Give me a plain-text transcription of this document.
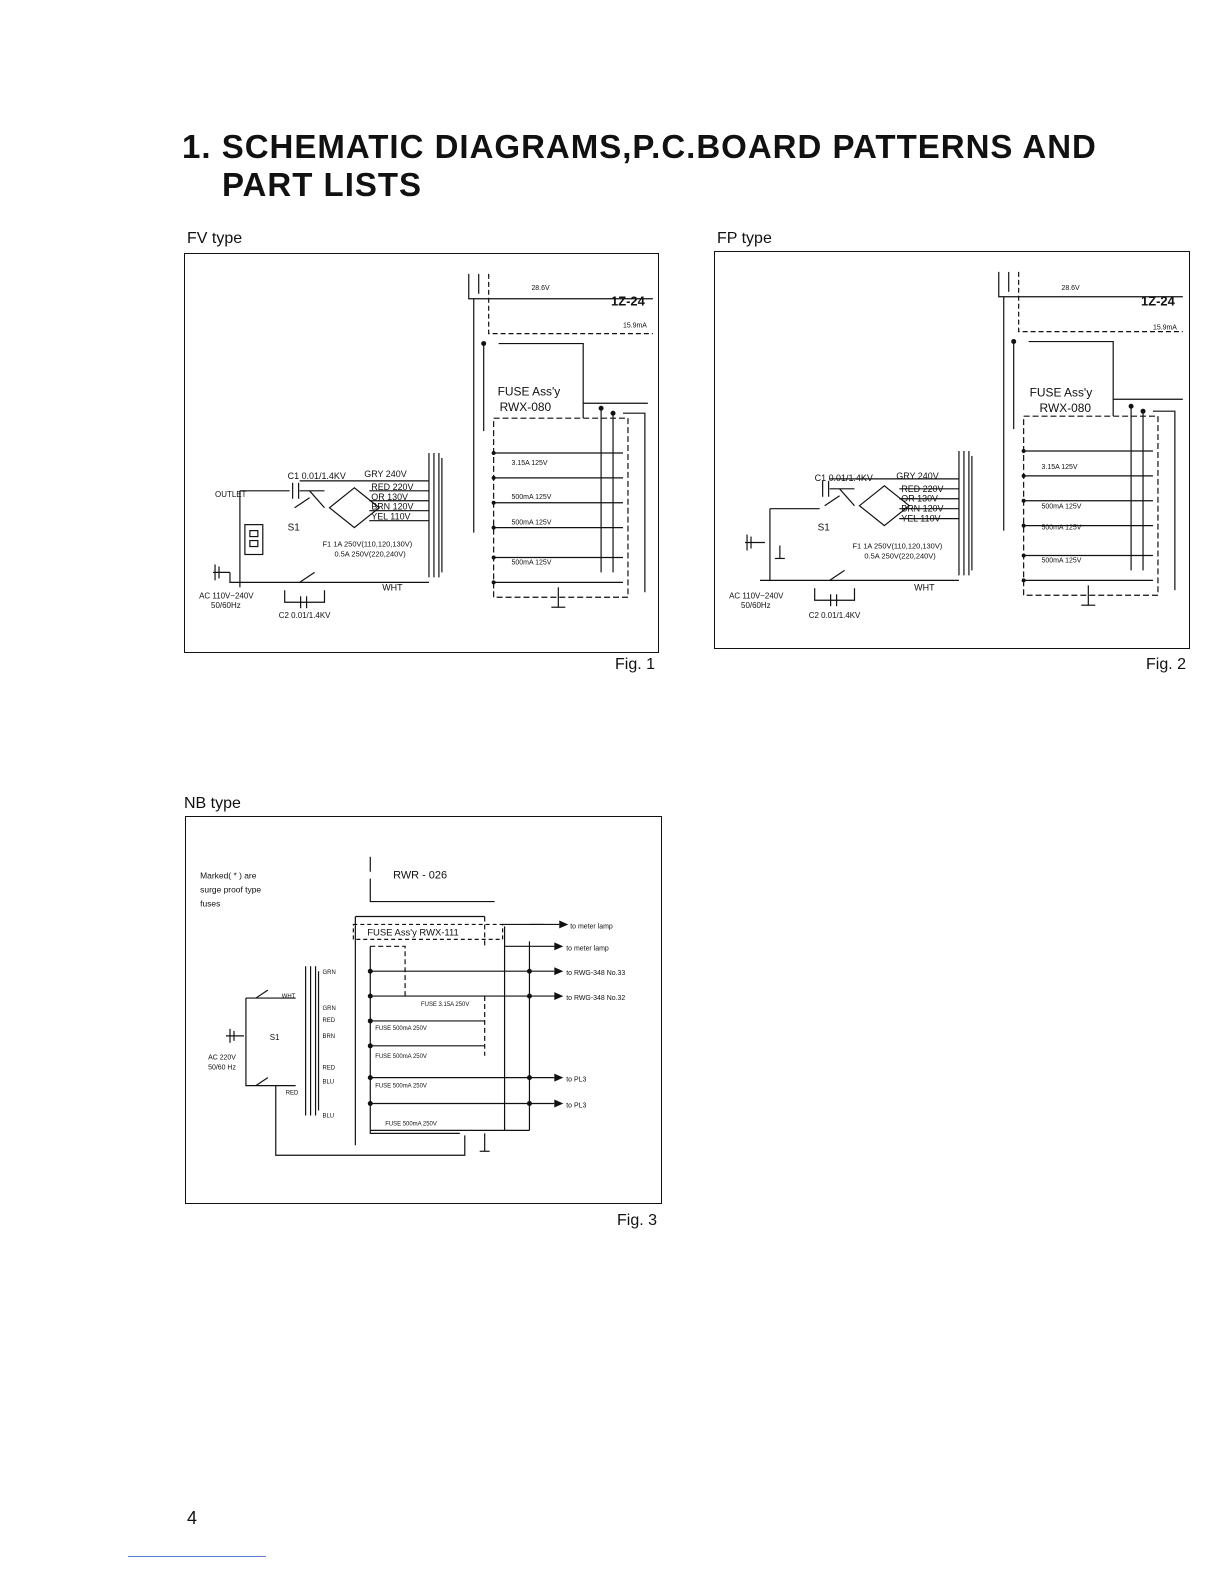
1. SCHEMATIC DIAGRAMS,P.C.BOARD PATTERNS AND
PART LISTS
FV type
1Z-24
28.6V
15.9mA
FUSE Ass'y
RWX-080
3.15A 125V
500mA 125V
500mA 125V
500mA 125V
C1 0.01/1.4KV GRY 240V
RED 220V
OR 130V
BRN 120V
YEL 110V
S1
F1 1A 250V(110,120,130V)
0.5A 250V(220,240V)
WHT
OUTLET
AC 110V~240V
50/60Hz
C2 0.01/1.4KV
Fig. 1
FP type
1Z-24
28.6V
15.9mA
FUSE Ass'y
RWX-080
3.15A 125V
500mA 125V
500mA 125V
500mA 125V
C1 0.01/1.4KV	GRY 240V
RED 220V
OR 130V
BRN 120V
YEL 110V
S1
F1 1A 250V(110,120,130V)
0.5A 250V(220,240V)
WHT
AC 110V~240V
50/60Hz
C2 0.01/1.4KV
Fig. 2
NB type
Marked( * ) are
surge proof type
fuses
RWR - 026
FUSE Ass'y RWX-111
to meter lamp
to meter lamp
to RWG-348 No.33
to RWG-348 No.32
to PL3
to PL3
AC 220V
50/60 Hz
S1
GRN
GRN
RED
BRN
RED
BLU
BLU
RED
WHT
FUSE 500mA 250V
FUSE 500mA 250V
FUSE 500mA 250V
FUSE 3.15A 250V
FUSE 500mA 250V
Fig. 3
4
